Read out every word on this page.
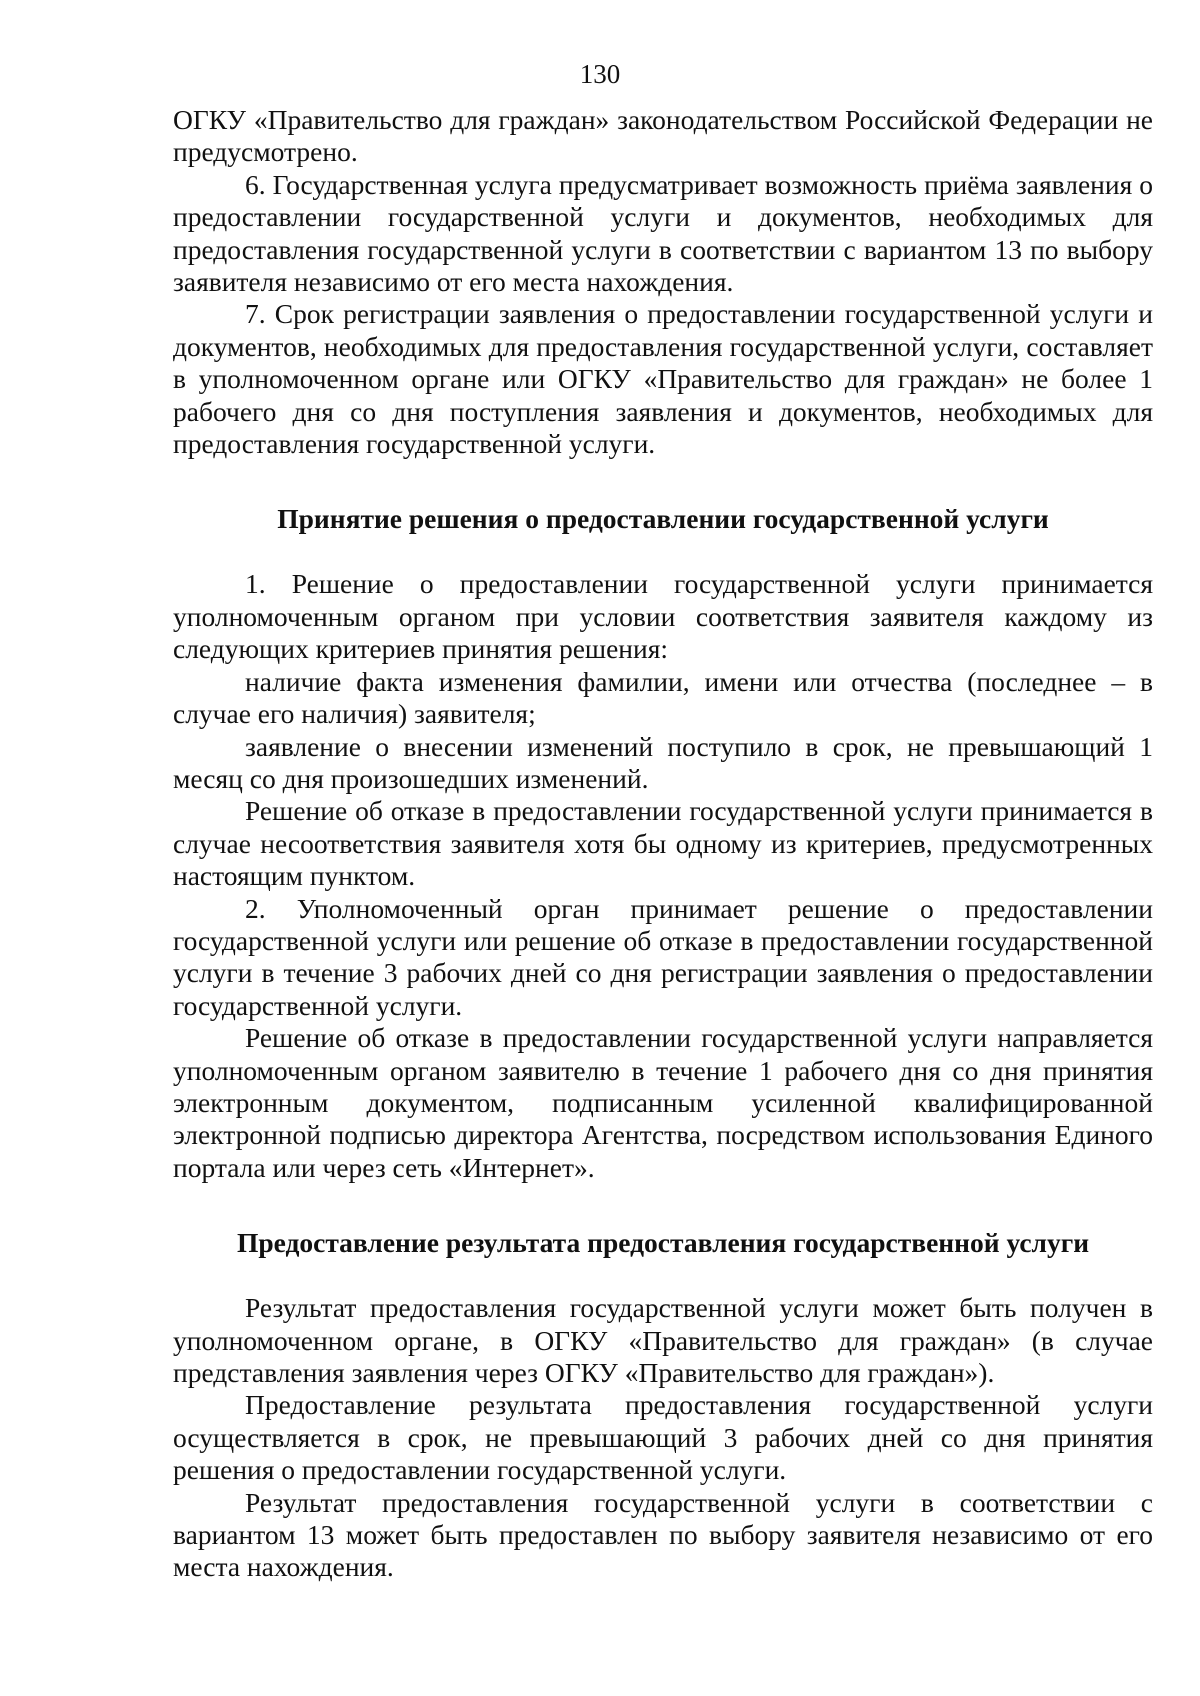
130

ОГКУ «Правительство для граждан» законодательством Российской Федерации не предусмотрено.

6. Государственная услуга предусматривает возможность приёма заявления о предоставлении государственной услуги и документов, необходимых для предоставления государственной услуги в соответствии с вариантом 13 по выбору заявителя независимо от его места нахождения.

7. Срок регистрации заявления о предоставлении государственной услуги и документов, необходимых для предоставления государственной услуги, составляет в уполномоченном органе или ОГКУ «Правительство для граждан» не более 1 рабочего дня со дня поступления заявления и документов, необходимых для предоставления государственной услуги.

Принятие решения о предоставлении государственной услуги

1. Решение о предоставлении государственной услуги принимается уполномоченным органом при условии соответствия заявителя каждому из следующих критериев принятия решения:

наличие факта изменения фамилии, имени или отчества (последнее – в случае его наличия) заявителя;

заявление о внесении изменений поступило в срок, не превышающий 1 месяц со дня произошедших изменений.

Решение об отказе в предоставлении государственной услуги принимается в случае несоответствия заявителя хотя бы одному из критериев, предусмотренных настоящим пунктом.

2. Уполномоченный орган принимает решение о предоставлении государственной услуги или решение об отказе в предоставлении государственной услуги в течение 3 рабочих дней со дня регистрации заявления о предоставлении государственной услуги.

Решение об отказе в предоставлении государственной услуги направляется уполномоченным органом заявителю в течение 1 рабочего дня со дня принятия электронным документом, подписанным усиленной квалифицированной электронной подписью директора Агентства, посредством использования Единого портала или через сеть «Интернет».

Предоставление результата предоставления государственной услуги

Результат предоставления государственной услуги может быть получен в уполномоченном органе, в ОГКУ «Правительство для граждан» (в случае представления заявления через ОГКУ «Правительство для граждан»).

Предоставление результата предоставления государственной услуги осуществляется в срок, не превышающий 3 рабочих дней со дня принятия решения о предоставлении государственной услуги.

Результат предоставления государственной услуги в соответствии с вариантом 13 может быть предоставлен по выбору заявителя независимо от его места нахождения.
